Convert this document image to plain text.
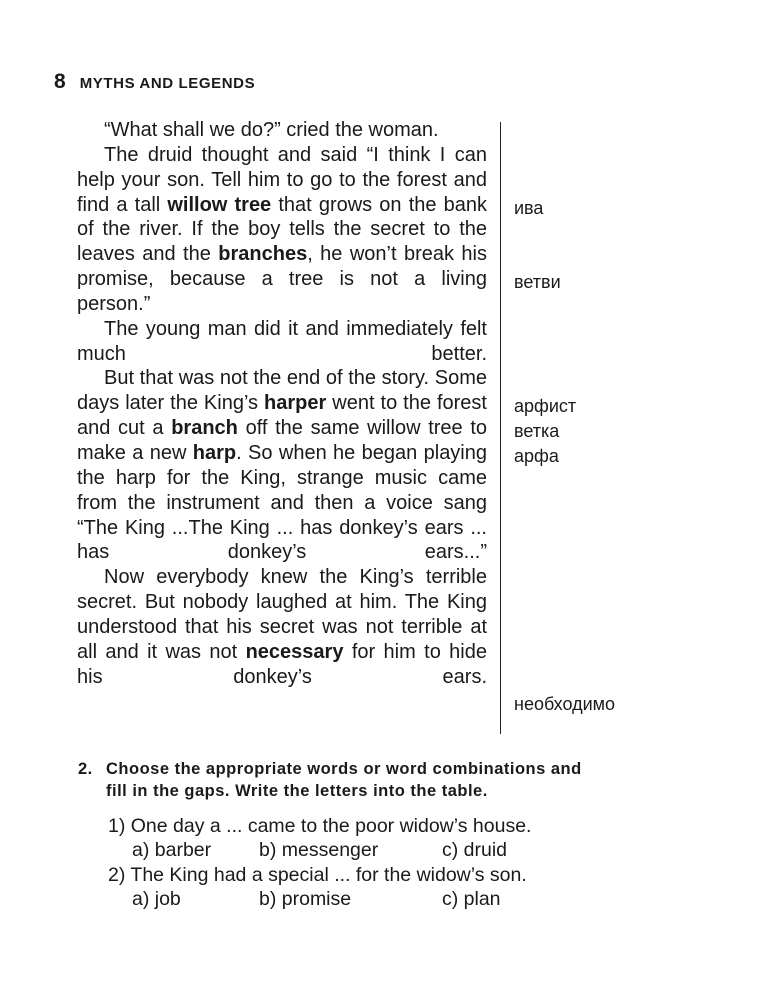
8 MYTHS AND LEGENDS

“What shall we do?” cried the woman.

The druid thought and said “I think I can help your son. Tell him to go to the forest and find a tall willow tree that grows on the bank of the river. If the boy tells the secret to the leaves and the branches, he won’t break his promise, because a tree is not a living person.”

The young man did it and immediately felt much better.

But that was not the end of the story. Some days later the King’s harper went to the forest and cut a branch off the same willow tree to make a new harp. So when he began playing the harp for the King, strange music came from the instrument and then a voice sang “The King ...The King ... has donkey’s ears ... has donkey’s ears...”

Now everybody knew the King’s terrible secret. But nobody laughed at him. The King understood that his secret was not terrible at all and it was not necessary for him to hide his donkey’s ears.

ива
ветви
арфист
ветка
арфа
необходимо
2. Choose the appropriate words or word combinations and
fill in the gaps. Write the letters into the table.
1) One day a ... came to the poor widow’s house.
a) barber b) messenger	c) druid
2) The King had a special ... for the widow’s son.
a) job	b) promise	c) plan
